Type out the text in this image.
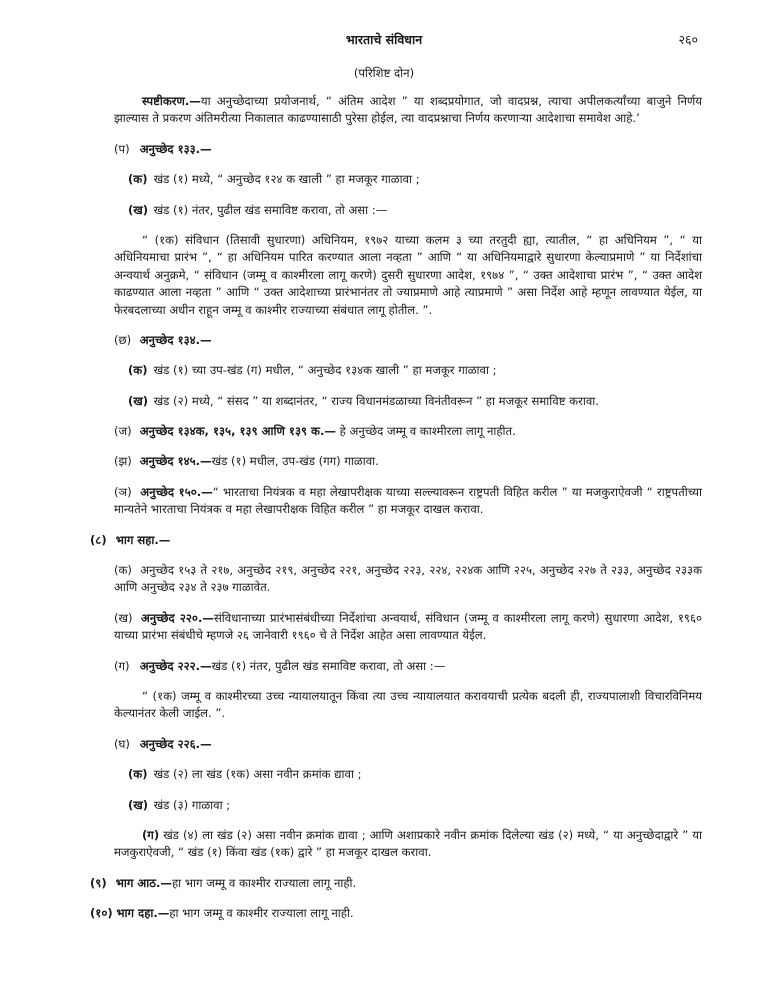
भारताचे संविधान	२६०
(परिशिष्ट दोन)

स्पष्टीकरण.—या अनुच्छेदाच्या प्रयोजनार्थ, “ अंतिम आदेश ” या शब्दप्रयोगात, जो वादप्रश्न, त्याचा अपीलकर्त्यांच्या बाजुने निर्णय झाल्यास ते प्रकरण अंतिमरीत्या निकालात काढण्यासाठी पुरेसा होईल, त्या वादप्रश्नाचा निर्णय करणाऱ्या आदेशाचा समावेश आहे.’

(प) अनुच्छेद १३३.—

(क) खंड (१) मध्ये, “ अनुच्छेद १२४ क खाली ” हा मजकूर गाळावा ;

(ख) खंड (१) नंतर, पुढील खंड समाविष्ट करावा, तो असा :—

“ (१क) संविधान (तिसावी सुधारणा) अधिनियम, १९७२ याच्या कलम ३ च्या तरतुदी ह्या, त्यातील, “ हा अधिनियम ”, “ या अधिनियमाचा प्रारंभ ”, “ हा अधिनियम पारित करण्यात आला नव्हता ” आणि “ या अधिनियमाद्वारे सुधारणा केल्याप्रमाणे ” या निर्देशांचा अन्वयार्थ अनुक्रमे, “ संविधान (जम्मू व काश्मीरला लागू करणे) दुसरी सुधारणा आदेश, १९७४ ”, “ उक्त आदेशाचा प्रारंभ ”, “ उक्त आदेश काढण्यात आला नव्हता ” आणि “ उक्त आदेशाच्या प्रारंभानंतर तो ज्याप्रमाणे आहे त्याप्रमाणे ” असा निर्देश आहे म्हणून लावण्यात येईल, या फेरबदलाच्या अधीन राहून जम्मू व काश्मीर राज्याच्या संबंधात लागू होतील. ”.

(छ) अनुच्छेद १३४.—

(क) खंड (१) च्या उप-खंड (ग) मधील, “ अनुच्छेद १३४क खाली ” हा मजकूर गाळावा ;

(ख) खंड (२) मध्ये, “ संसद ” या शब्दानंतर, “ राज्य विधानमंडळाच्या विनंतीवरून ” हा मजकूर समाविष्ट करावा.

(ज) अनुच्छेद १३४क, १३५, १३९ आणि १३९ क.— हे अनुच्छेद जम्मू व काश्मीरला लागू नाहीत.

(झ) अनुच्छेद १४५.—खंड (१) मधील, उप-खंड (गग) गाळावा.

(ञ) अनुच्छेद १५०.—“ भारताचा नियंत्रक व महा लेखापरीक्षक याच्या सल्ल्यावरून राष्ट्रपती विहित करील ” या मजकुराऐवजी “ राष्ट्रपतीच्या मान्यतेने भारताचा नियंत्रक व महा लेखापरीक्षक विहित करील ” हा मजकूर दाखल करावा.

(८) भाग सहा.—

(क) अनुच्छेद १५३ ते २१७, अनुच्छेद २१९, अनुच्छेद २२१, अनुच्छेद २२३, २२४, २२४क आणि २२५, अनुच्छेद २२७ ते २३३, अनुच्छेद २३३क आणि अनुच्छेद २३४ ते २३७ गाळावेत.

(ख) अनुच्छेद २२०.—संविधानाच्या प्रारंभासंबंधीच्या निर्देशांचा अन्वयार्थ, संविधान (जम्मू व काश्मीरला लागू करणे) सुधारणा आदेश, १९६० याच्या प्रारंभा संबंधीचे म्हणजे २६ जानेवारी १९६० चे ते निर्देश आहेत असा लावण्यात येईल.

(ग) अनुच्छेद २२२.—खंड (१) नंतर, पुढील खंड समाविष्ट करावा, तो असा :—

“ (१क) जम्मू व काश्मीरच्या उच्च न्यायालयातून किंवा त्या उच्च न्यायालयात करावयाची प्रत्येक बदली ही, राज्यपालाशी विचारविनिमय केल्यानंतर केली जाईल. ”.

(घ) अनुच्छेद २२६.—

(क) खंड (२) ला खंड (१क) असा नवीन क्रमांक द्यावा ;

(ख) खंड (३) गाळावा ;

(ग) खंड (४) ला खंड (२) असा नवीन क्रमांक द्यावा ; आणि अशाप्रकारे नवीन क्रमांक दिलेल्या खंड (२) मध्ये, “ या अनुच्छेदाद्वारे ” या मजकुराऐवजी, “ खंड (१) किंवा खंड (१क) द्वारे ” हा मजकूर दाखल करावा.

(९) भाग आठ.—हा भाग जम्मू व काश्मीर राज्याला लागू नाही.

(१०) भाग दहा.—हा भाग जम्मू व काश्मीर राज्याला लागू नाही.
